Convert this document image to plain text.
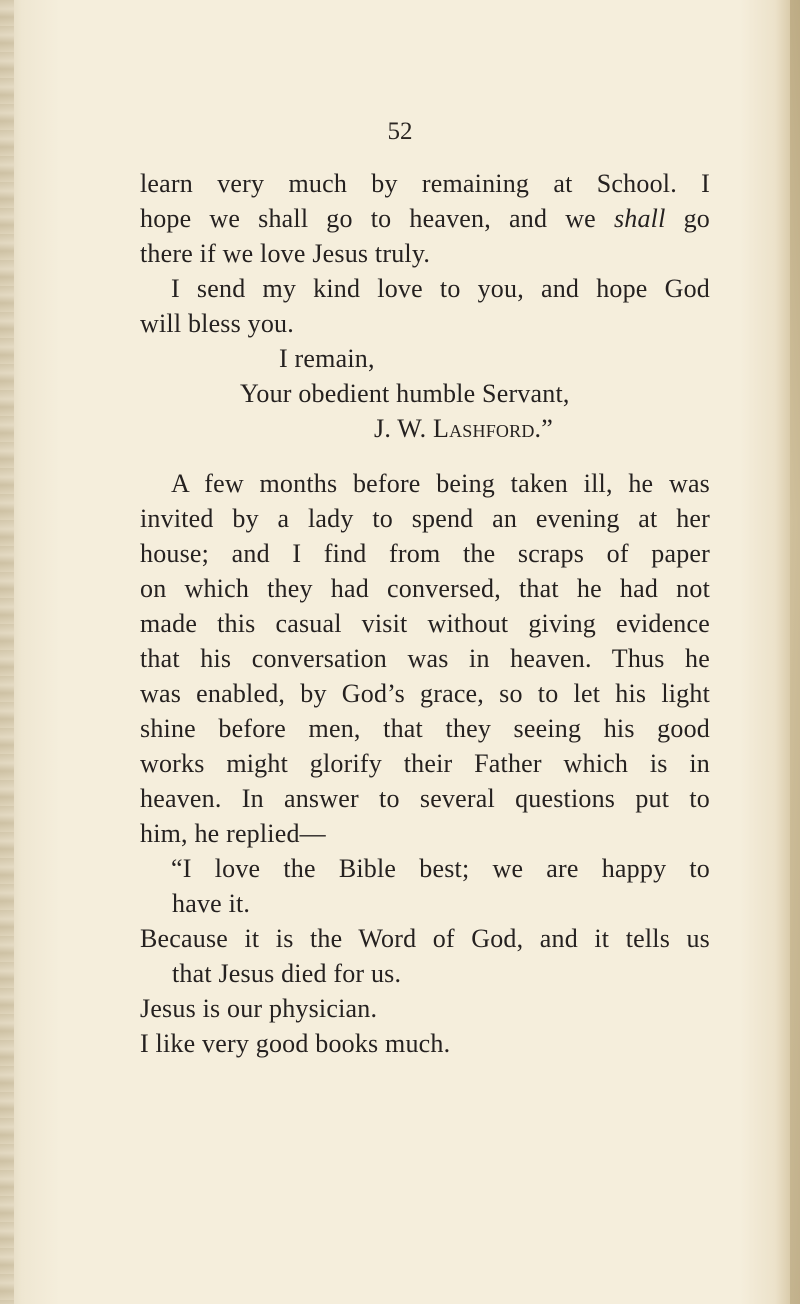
52
learn very much by remaining at School. I
hope we shall go to heaven, and we shall go
there if we love Jesus truly.
I send my kind love to you, and hope God
will bless you.
I remain,
Your obedient humble Servant,
J. W. Lashford.”
A few months before being taken ill, he was
invited by a lady to spend an evening at her
house; and I find from the scraps of paper
on which they had conversed, that he had not
made this casual visit without giving evidence
that his conversation was in heaven. Thus he
was enabled, by God’s grace, so to let his light
shine before men, that they seeing his good
works might glorify their Father which is in
heaven. In answer to several questions put to
him, he replied—
“I love the Bible best; we are happy to
have it.
Because it is the Word of God, and it tells us
that Jesus died for us.
Jesus is our physician.
I like very good books much.
